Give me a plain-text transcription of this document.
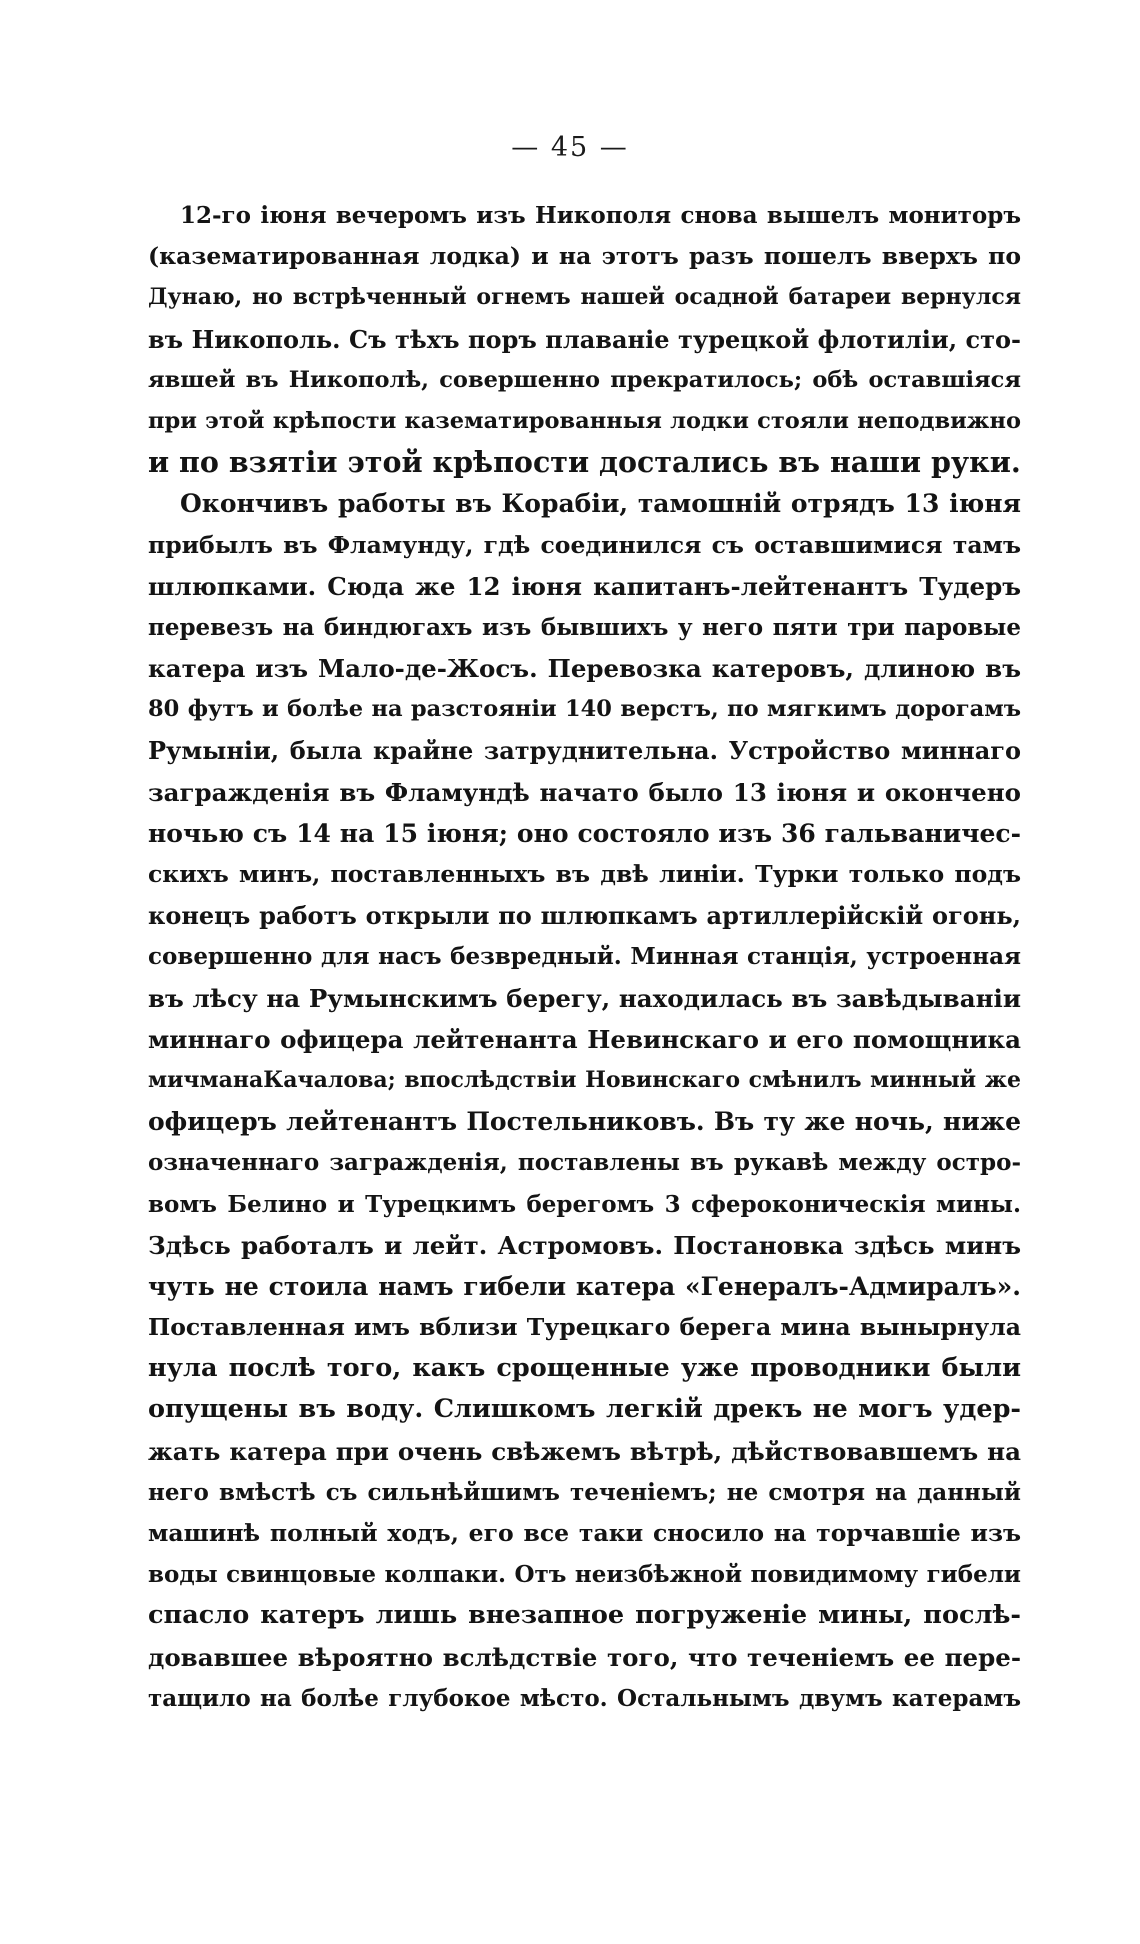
— 45 —
12-го іюня вечеромъ изъ Никополя снова вышелъ мониторъ
(казематированная лодка) и на этотъ разъ пошелъ вверхъ по
Дунаю, но встрѣченный огнемъ нашей осадной батареи вернулся
въ Никополь. Съ тѣхъ поръ плаваніе турецкой флотиліи, сто-
явшей въ Никополѣ, совершенно прекратилось; обѣ оставшіяся
при этой крѣпости казематированныя лодки стояли неподвижно
и по взятіи этой крѣпости достались въ наши руки.
Окончивъ работы въ Корабіи, тамошній отрядъ 13 іюня
прибылъ въ Фламунду, гдѣ соединился съ оставшимися тамъ
шлюпками. Сюда же 12 іюня капитанъ-лейтенантъ Тудеръ
перевезъ на биндюгахъ изъ бывшихъ у него пяти три паровые
катера изъ Мало-де-Жосъ. Перевозка катеровъ, длиною въ
80 футъ и болѣе на разстояніи 140 верстъ, по мягкимъ дорогамъ
Румыніи, была крайне затруднительна. Устройство миннаго
загражденія въ Фламундѣ начато было 13 іюня и окончено
ночью съ 14 на 15 іюня; оно состояло изъ 36 гальваничес-
скихъ минъ, поставленныхъ въ двѣ линіи. Турки только подъ
конецъ работъ открыли по шлюпкамъ артиллерійскій огонь,
совершенно для насъ безвредный. Минная станція, устроенная
въ лѣсу на Румынскимъ берегу, находилась въ завѣдываніи
миннаго офицера лейтенанта Невинскаго и его помощника
мичманаКачалова; впослѣдствіи Новинскаго смѣнилъ минный же
офицеръ лейтенантъ Постельниковъ. Въ ту же ночь, ниже
означеннаго загражденія, поставлены въ рукавѣ между остро-
вомъ Белино и Турецкимъ берегомъ 3 сфероконическія мины.
Здѣсь работалъ и лейт. Астромовъ. Постановка здѣсь минъ
чуть не стоила намъ гибели катера «Генералъ-Адмиралъ».
Поставленная имъ вблизи Турецкаго берега мина вынырнула
нула послѣ того, какъ срощенные уже проводники были
опущены въ воду. Слишкомъ легкій дрекъ не могъ удер-
жать катера при очень свѣжемъ вѣтрѣ, дѣйствовавшемъ на
него вмѣстѣ съ сильнѣйшимъ теченіемъ; не смотря на данный
машинѣ полный ходъ, его все таки сносило на торчавшіе изъ
воды свинцовые колпаки. Отъ неизбѣжной повидимому гибели
спасло катеръ лишь внезапное погруженіе мины, послѣ-
довавшее вѣроятно вслѣдствіе того, что теченіемъ ее пере-
тащило на болѣе глубокое мѣсто. Остальнымъ двумъ катерамъ
